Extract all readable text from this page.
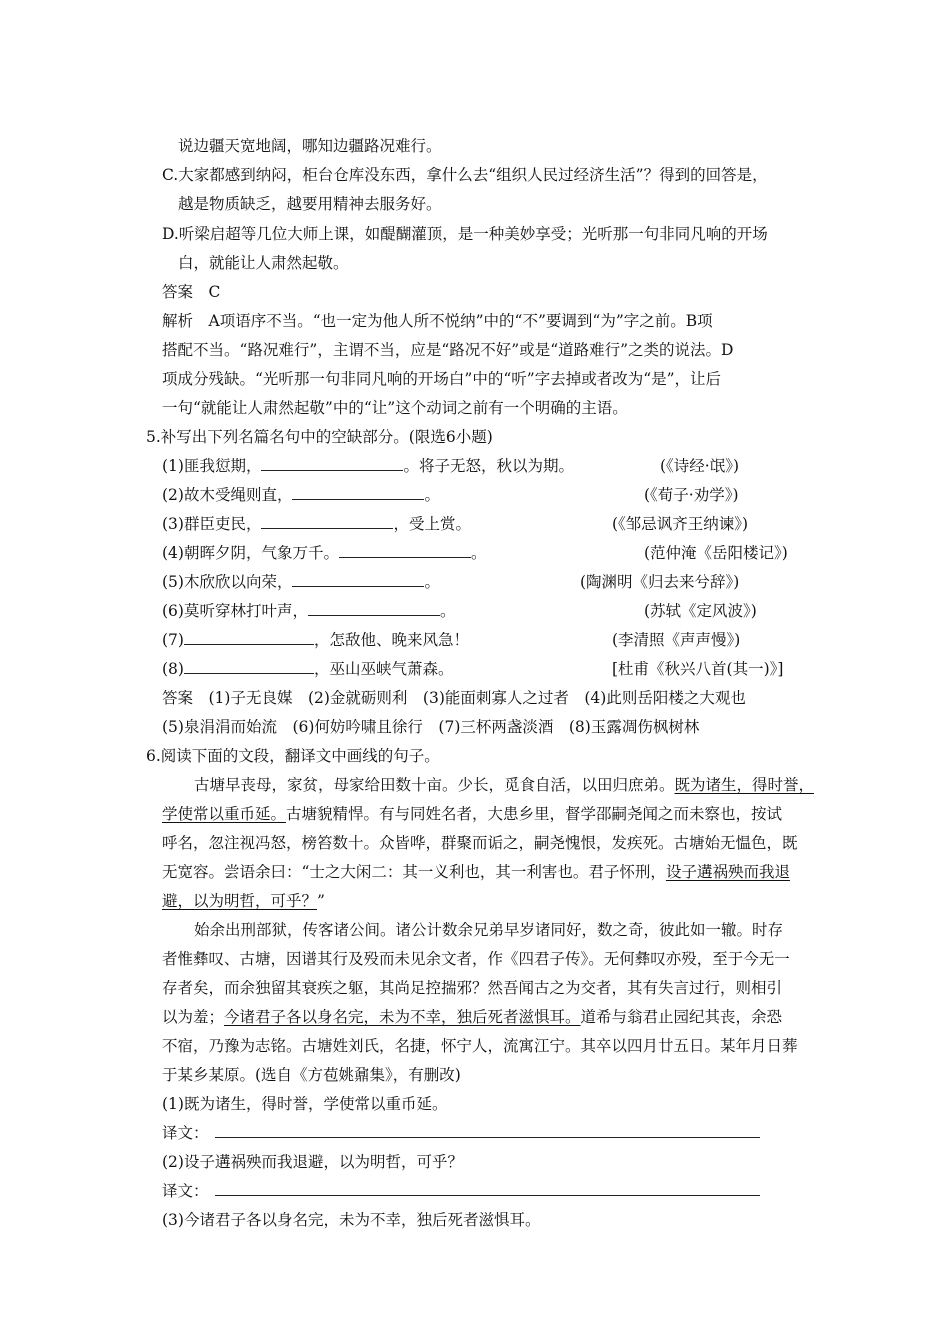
说边疆天宽地阔，哪知边疆路况难行。
C.大家都感到纳闷，柜台仓库没东西，拿什么去“组织人民过经济生活”？得到的回答是，
越是物质缺乏，越要用精神去服务好。
D.听梁启超等几位大师上课，如醍醐灌顶，是一种美妙享受；光听那一句非同凡响的开场
白，就能让人肃然起敬。
答案　C
解析　A项语序不当。“也一定为他人所不悦纳”中的“不”要调到“为”字之前。B项
搭配不当。“路况难行”，主谓不当，应是“路况不好”或是“道路难行”之类的说法。D
项成分残缺。“光听那一句非同凡响的开场白”中的“听”字去掉或者改为“是”，让后
一句“就能让人肃然起敬”中的“让”这个动词之前有一个明确的主语。
5.补写出下列名篇名句中的空缺部分。(限选6小题)
(1)匪我愆期，	。将子无怒，秋以为期。	(《诗经·氓》)
(2)故木受绳则直，	。	(《荀子·劝学》)
(3)群臣吏民，	，受上赏。	(《邹忌讽齐王纳谏》)
(4)朝晖夕阴，气象万千。	。	(范仲淹《岳阳楼记》)
(5)木欣欣以向荣，	。	(陶渊明《归去来兮辞》)
(6)莫听穿林打叶声，	。	(苏轼《定风波》)
(7)	，怎敌他、晚来风急！	(李清照《声声慢》)
(8)	，巫山巫峡气萧森。	[杜甫《秋兴八首(其一)》]
答案　(1)子无良媒　(2)金就砺则利　(3)能面刺寡人之过者　(4)此则岳阳楼之大观也
(5)泉涓涓而始流　(6)何妨吟啸且徐行　(7)三杯两盏淡酒　(8)玉露凋伤枫树林
6.阅读下面的文段，翻译文中画线的句子。
古塘早丧母，家贫，母家给田数十亩。少长，觅食自活，以田归庶弟。既为诸生，得时誉，
学使常以重币延。古塘貌精悍。有与同姓名者，大患乡里，督学邵嗣尧闻之而未察也，按试
呼名，忽注视冯怒，榜笞数十。众皆哗，群聚而诟之，嗣尧愧恨，发疾死。古塘始无愠色，既
无宽容。尝语余曰：“士之大闲二：其一义利也，其一利害也。君子怀刑，设子遘祸殃而我退
避，以为明哲，可乎？”
始余出刑部狱，传客诸公间。诸公计数余兄弟早岁诸同好，数之奇，彼此如一辙。时存
者惟彝叹、古塘，因谱其行及殁而未见余文者，作《四君子传》。无何彝叹亦殁，至于今无一
存者矣，而余独留其衰疾之躯，其尚足控揣邪？然吾闻古之为交者，其有失言过行，则相引
以为羞；今诸君子各以身名完，未为不幸，独后死者滋惧耳。道希与翁君止园纪其丧，余恐
不宿，乃豫为志铭。古塘姓刘氏，名捷，怀宁人，流寓江宁。其卒以四月廿五日。某年月日葬
于某乡某原。(选自《方苞姚鼐集》，有删改)
(1)既为诸生，得时誉，学使常以重币延。
译文：
(2)设子遘祸殃而我退避，以为明哲，可乎？
译文：
(3)今诸君子各以身名完，未为不幸，独后死者滋惧耳。
